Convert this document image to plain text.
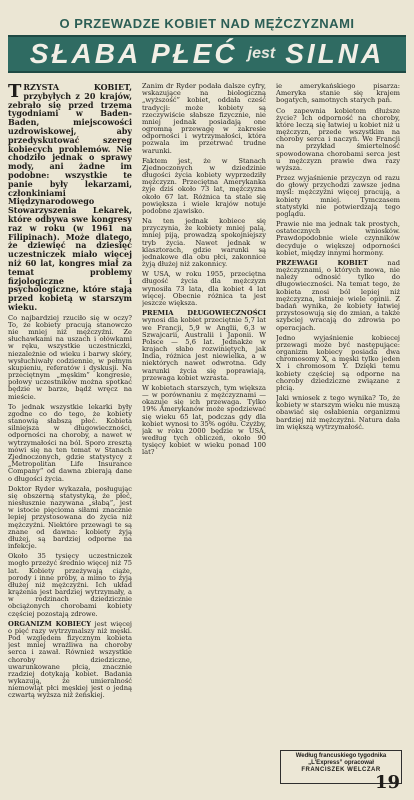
O PRZEWADZE KOBIET NAD MĘŻCZYZNAMI
SŁABA PŁEĆ jest SILNA

TRZYSTA KOBIET, przybyłych z 20 krajów, zebrało się przed trzema tygodniami w Baden-Baden, miejscowości uzdrowiskowej, aby przedyskutować szereg kobiecych problemów. Nie chodziło jednak o sprawy mody, ani żadne im podobne: wszystkie te panie były lekarzami, członkiniami Międzynarodowego Stowarzyszenia Lekarek, które odbywa swe kongresy raz w roku (w 1961 na Filipinach). Może dlatego, że dziewięć na dziesięć uczestniczek miało więcej niż 60 lat, kongres miał za temat problemy fizjologiczne i psychologiczne, które stają przed kobietą w starszym wieku.

Co najbardziej rzuciło się w oczy? To, że kobiety pracują stanowczo nie mniej niż mężczyźni. Ze słuchawkami na uszach i ołówkami w ręku, wszystkie uczestniczki, niezależnie od wieku i barwy skóry, wysłuchiwały codziennie, w pełnym skupieniu, referatów i dyskusji. Na przeciętnym „męskim” kongresie, połowy uczestników można spotkać będzie w barze, bądź wręcz na mieście.

To jednak wszystkie lekarki były zgodne co do tego, że kobiety stanowią słabszą płeć. Kobieta silniejsza w długowieczności, odporności na choroby, a nawet w wytrzymałości na ból. Sporo zresztą mówi się na ten temat w Stanach Zjednoczonych, gdzie statystycy z „Metropolitan Life Insurance Company” od dawna zbierają dane o długości życia.

Doktor Ryder wykazała, posługując się obszerną statystyką, że płeć, niesłusznie nazywana „słabą”, jest w istocie pięcioma siłami znacznie lepiej przystosowana do życia niż mężczyźni. Niektóre przewagi te są znane od dawna: kobiety żyją dłużej, są bardziej odporne na infekcje.

Około 35 tysięcy uczestniczek mogło przeżyć średnio więcej niż 75 lat. Kobiety przeżywają ciąże, porody i inne próby, a mimo to żyją dłużej niż mężczyźni. Ich układ krążenia jest bardziej wytrzymały, a w rodzinach dziedzicznie obciążonych chorobami kobiety częściej pozostają zdrowe.

ORGANIZM KOBIECY jest więcej o pięć razy wytrzymalszy niż męski. Pod względem fizycznym kobieta jest mniej wrażliwa na choroby serca i zawał. Również wszystkie choroby dziedziczne, uwarunkowane płcią, znacznie rzadziej dotykają kobiet. Badania wykazują, że umieralność niemowląt płci męskiej jest o jedną czwartą wyższa niż żeńskiej.

Zanim dr Ryder podała dalsze cyfry, wskazujące na biologiczną „wyższość” kobiet, oddała cześć tradycji: może kobiety są rzeczywiście słabsze fizycznie, nie mniej jednak posiadają one ogromną przewagę w zakresie odporności i wytrzymałości, która pozwala im przetrwać trudne warunki.

Faktem jest, że w Stanach Zjednoczonych w dziedzinie długości życia kobiety wyprzedziły mężczyzn. Przeciętna Amerykanka żyje dziś około 73 lat, mężczyzna około 67 lat. Różnica ta stale się powiększa i wiele krajów notuje podobne zjawisko.

Na ten jednak kobiece się przyczynia, że kobiety mniej palą, mniej piją, prowadzą spokojniejszy tryb życia. Nawet jednak w klasztorach, gdzie warunki są jednakowe dla obu płci, zakonnice żyją dłużej niż zakonnicy.

W USA, w roku 1955, przeciętna długość życia dla mężczyzn wynosiła 73 lata, dla kobiet 4 lat więcej. Obecnie różnica ta jest jeszcze większa.

PREMIA DŁUGOWIECZNOŚCI wynosi dla kobiet przeciętnie 5,7 lat we Francji, 5,9 w Anglii, 6,3 w Szwajcarii, Australii i Japonii. W Polsce — 5,6 lat. Jednakże w krajach słabo rozwiniętych, jak India, różnica jest niewielka, a w niektórych nawet odwrotna. Gdy warunki życia się poprawiają, przewaga kobiet wzrasta.

W kobietach starszych, tym większa — w porównaniu z mężczyznami — okazuje się ich przewaga. Tylko 19% Amerykanów może spodziewać się wieku 65 lat, podczas gdy dla kobiet wynosi to 35% ogółu. Czyżby, jak w roku 2000 będzie w USA, według tych obliczeń, około 90 tysięcy kobiet w wieku ponad 100 lat?

ie amerykańskiego pisarza: Ameryka stanie się krajem bogatych, samotnych starych pań.

Co zapewnia kobietom dłuższe życie? Ich odporność na choroby, które leczą się łatwiej u kobiet niż u mężczyzn, przede wszystkim na choroby serca i naczyń. We Francji na przykład śmiertelność spowodowana chorobami serca jest u mężczyzn prawie dwa razy wyższa.

Przez wyjaśnienie przyczyn od razu do głowy przychodzi zawsze jedna myśl: mężczyźni więcej pracują, a kobiety mniej. Tymczasem statystyki nie potwierdzają tego poglądu.

Prawie nie ma jednak tak prostych, ostatecznych wniosków. Prawdopodobnie wiele czynników decyduje o większej odporności kobiet, między innymi hormony.

PRZEWAGI KOBIET	nad mężczyznami, o których mowa, nie należy odnosić tylko do długowieczności. Na temat tego, że kobieta znosi ból lepiej niż mężczyzna, istnieje wiele opinii. Z badań wynika, że kobiety łatwiej przystosowują się do zmian, a także szybciej wracają do zdrowia po operacjach.

Jedno wyjaśnienie kobiecej przewagi może być następujące: organizm kobiecy posiada dwa chromosomy X, a męski tylko jeden X i chromosom Y. Dzięki temu kobiety częściej są odporne na choroby dziedziczne związane z płcią.

Jaki wniosek z tego wynika? To, że kobiety w starszym wieku nie muszą obawiać się osłabienia organizmu bardziej niż mężczyźni. Natura dała im większą wytrzymałość.

Według francuskiego tygodnika „L'Express” opracował
FRANCISZEK WELCZAR
19
